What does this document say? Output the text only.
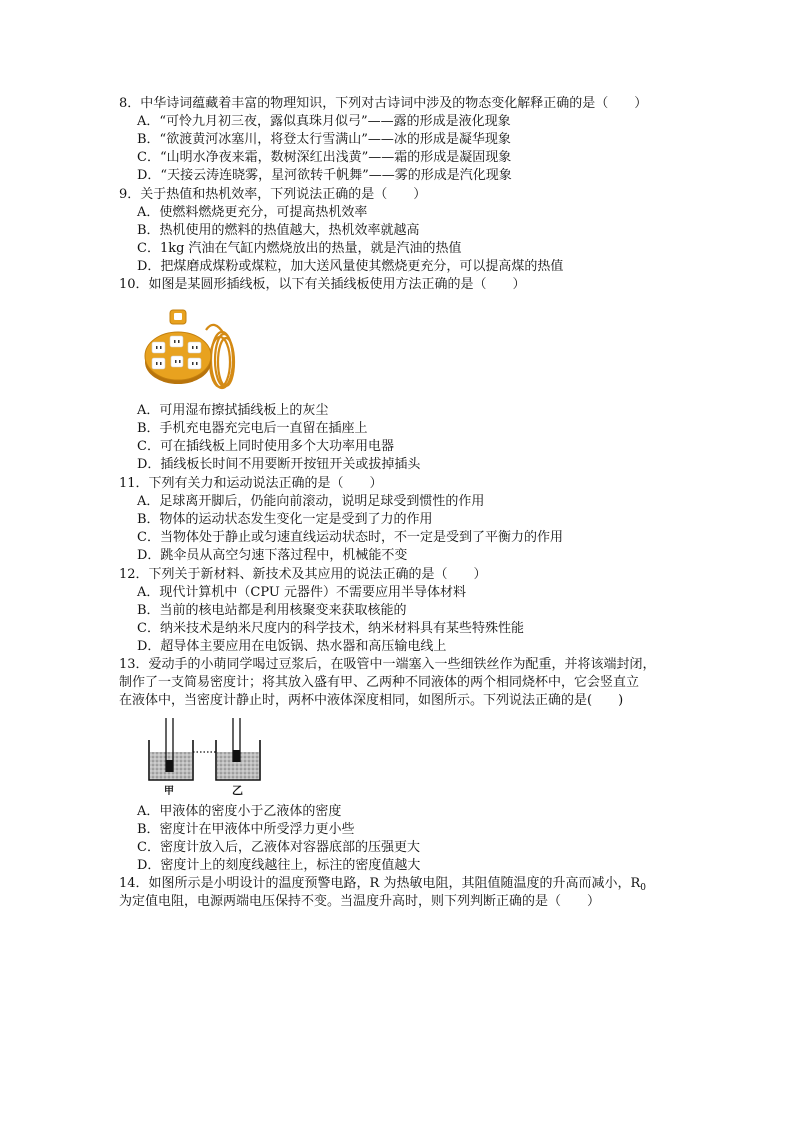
8．中华诗词蕴藏着丰富的物理知识，下列对古诗词中涉及的物态变化解释正确的是（　　）
A．“可怜九月初三夜，露似真珠月似弓”——露的形成是液化现象
B．“欲渡黄河冰塞川，将登太行雪满山”——冰的形成是凝华现象
C．“山明水净夜来霜，数树深红出浅黄”——霜的形成是凝固现象
D．“天接云涛连晓雾，星河欲转千帆舞”——雾的形成是汽化现象
9．关于热值和热机效率，下列说法正确的是（　　）
A．使燃料燃烧更充分，可提高热机效率
B．热机使用的燃料的热值越大，热机效率就越高
C．1kg 汽油在气缸内燃烧放出的热量，就是汽油的热值
D．把煤磨成煤粉或煤粒，加大送风量使其燃烧更充分，可以提高煤的热值
10．如图是某圆形插线板，以下有关插线板使用方法正确的是（　　）
A．可用湿布擦拭插线板上的灰尘
B．手机充电器充完电后一直留在插座上
C．可在插线板上同时使用多个大功率用电器
D．插线板长时间不用要断开按钮开关或拔掉插头
11．下列有关力和运动说法正确的是（　　）
A．足球离开脚后，仍能向前滚动，说明足球受到惯性的作用
B．物体的运动状态发生变化一定是受到了力的作用
C．当物体处于静止或匀速直线运动状态时，不一定是受到了平衡力的作用
D．跳伞员从高空匀速下落过程中，机械能不变
12．下列关于新材料、新技术及其应用的说法正确的是（　　）
A．现代计算机中（CPU 元器件）不需要应用半导体材料
B．当前的核电站都是利用核聚变来获取核能的
C．纳米技术是纳米尺度内的科学技术，纳米材料具有某些特殊性能
D．超导体主要应用在电饭锅、热水器和高压输电线上
13．爱动手的小萌同学喝过豆浆后，在吸管中一端塞入一些细铁丝作为配重，并将该端封闭，
制作了一支简易密度计；将其放入盛有甲、乙两种不同液体的两个相同烧杯中，它会竖直立
在液体中，当密度计静止时，两杯中液体深度相同，如图所示。下列说法正确的是(　　)
甲	乙
A．甲液体的密度小于乙液体的密度
B．密度计在甲液体中所受浮力更小些
C．密度计放入后，乙液体对容器底部的压强更大
D．密度计上的刻度线越往上，标注的密度值越大
14．如图所示是小明设计的温度预警电路，R 为热敏电阻，其阻值随温度的升高而减小，$R_0$
为定值电阻，电源两端电压保持不变。当温度升高时，则下列判断正确的是（　　）
